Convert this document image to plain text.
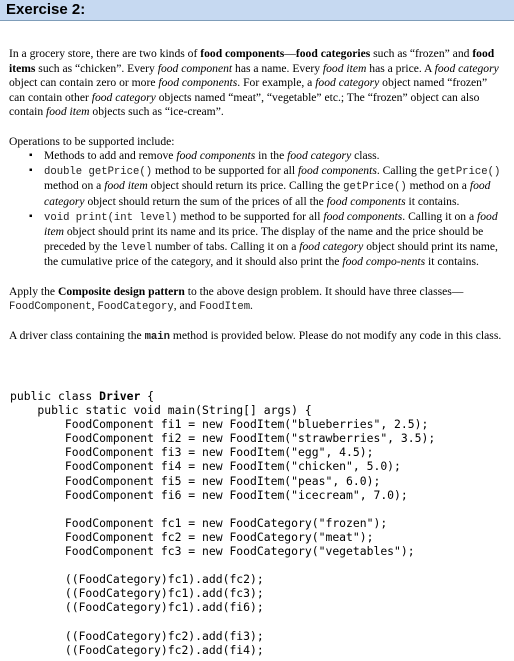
Exercise 2:

In a grocery store, there are two kinds of food components—food categories such as “frozen” and food items such as “chicken”. Every food component has a name. Every food item has a price. A food category object can contain zero or more food components. For example, a food category object named “frozen” can contain other food category objects named “meat”, “vegetable” etc.; The “frozen” object can also contain food item objects such as “ice-cream”.

Operations to be supported include:

▪ Methods to add and remove food components in the food category class.
▪ double getPrice() method to be supported for all food components. Calling the getPrice() method on a food item object should return its price. Calling the getPrice() method on a food category object should return the sum of the prices of all the food components it contains.
▪ void print(int level) method to be supported for all food components. Calling it on a food item object should print its name and its price. The display of the name and the price should be preceded by the level number of tabs. Calling it on a food category object should print its name, the cumulative price of the category, and it should also print the food compo-nents it contains.

Apply the Composite design pattern to the above design problem. It should have three classes—FoodComponent, FoodCategory, and FoodItem.

A driver class containing the main method is provided below. Please do not modify any code in this class.

public class Driver {
public static void main(String[] args) {
FoodComponent fi1 = new FoodItem("blueberries", 2.5);
FoodComponent fi2 = new FoodItem("strawberries", 3.5);
FoodComponent fi3 = new FoodItem("egg", 4.5);
FoodComponent fi4 = new FoodItem("chicken", 5.0);
FoodComponent fi5 = new FoodItem("peas", 6.0);
FoodComponent fi6 = new FoodItem("icecream", 7.0);

FoodComponent fc1 = new FoodCategory("frozen");
FoodComponent fc2 = new FoodCategory("meat");
FoodComponent fc3 = new FoodCategory("vegetables");

((FoodCategory)fc1).add(fc2);
((FoodCategory)fc1).add(fc3);
((FoodCategory)fc1).add(fi6);

((FoodCategory)fc2).add(fi3);
((FoodCategory)fc2).add(fi4);
